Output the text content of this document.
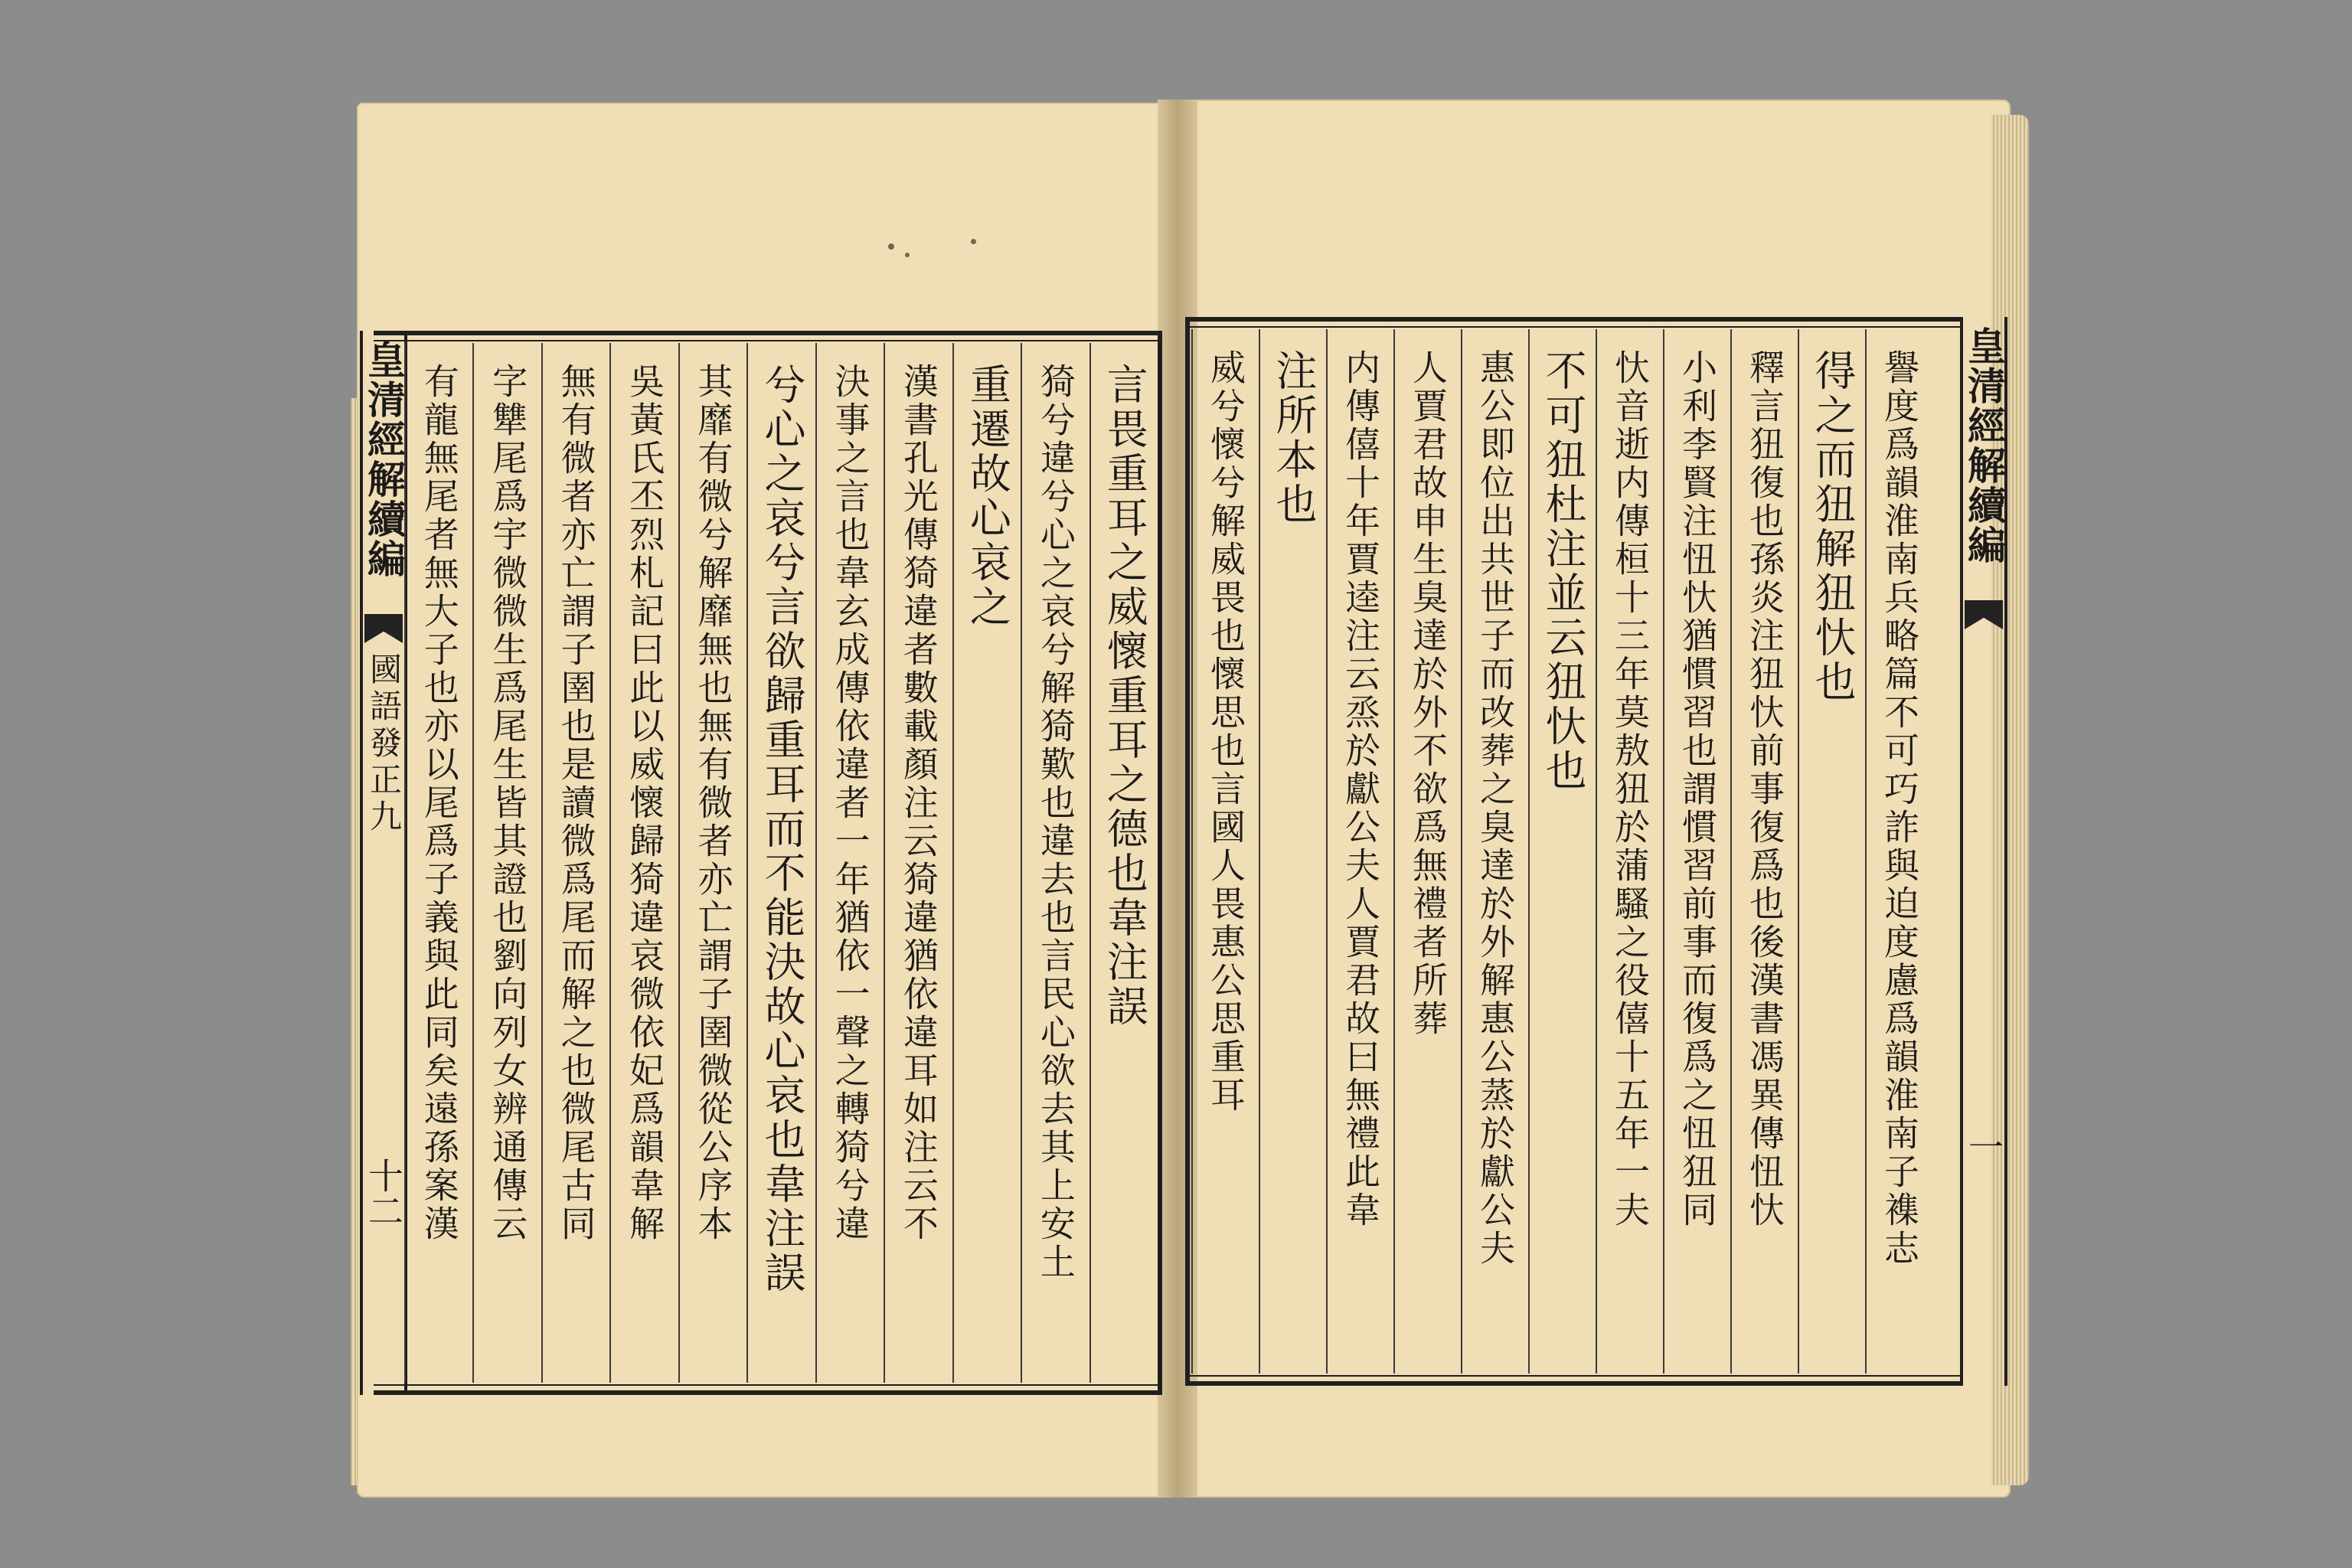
皇清經解續編
國語發正九
十二
言畏重耳之威懷重耳之德也韋注誤
猗兮違兮心之哀兮解猗歎也違去也言民心欲去其上安土
重遷故心哀之
漢書孔光傳猗違者數載顏注云猗違猶依違耳如注云不
決事之言也韋玄成傳依違者一年猶依一聲之轉猗兮違
兮心之哀兮言欲歸重耳而不能決故心哀也韋注誤
其靡有微兮解靡無也無有微者亦亡謂子圉微從公序本
吳黃氏丕烈札記曰此以威懷歸猗違哀微依妃爲韻韋解
無有微者亦亡謂子圉也是讀微爲尾而解之也微尾古同
字犨尾爲宇微微生爲尾生皆其證也劉向列女辨通傳云
有龍無尾者無大子也亦以尾爲子義與此同矣遠孫案漢	譽度爲韻淮南兵略篇不可巧詐與迫度慮爲韻淮南子襍志
得之而狃解狃忕也
釋言狃復也孫炎注狃忕前事復爲也後漢書馮異傳忸忕
小利李賢注忸忕猶慣習也謂慣習前事而復爲之忸狃同
忕音逝内傳桓十三年莫敖狃於蒲騷之役僖十五年一夫
不可狃杜注並云狃忕也
惠公即位出共世子而改葬之臭達於外解惠公蒸於獻公夫
人賈君故申生臭達於外不欲爲無禮者所葬
内傳僖十年賈逵注云烝於獻公夫人賈君故曰無禮此韋
注所本也
威兮懷兮解威畏也懷思也言國人畏惠公思重耳	皇清經解續編
一
